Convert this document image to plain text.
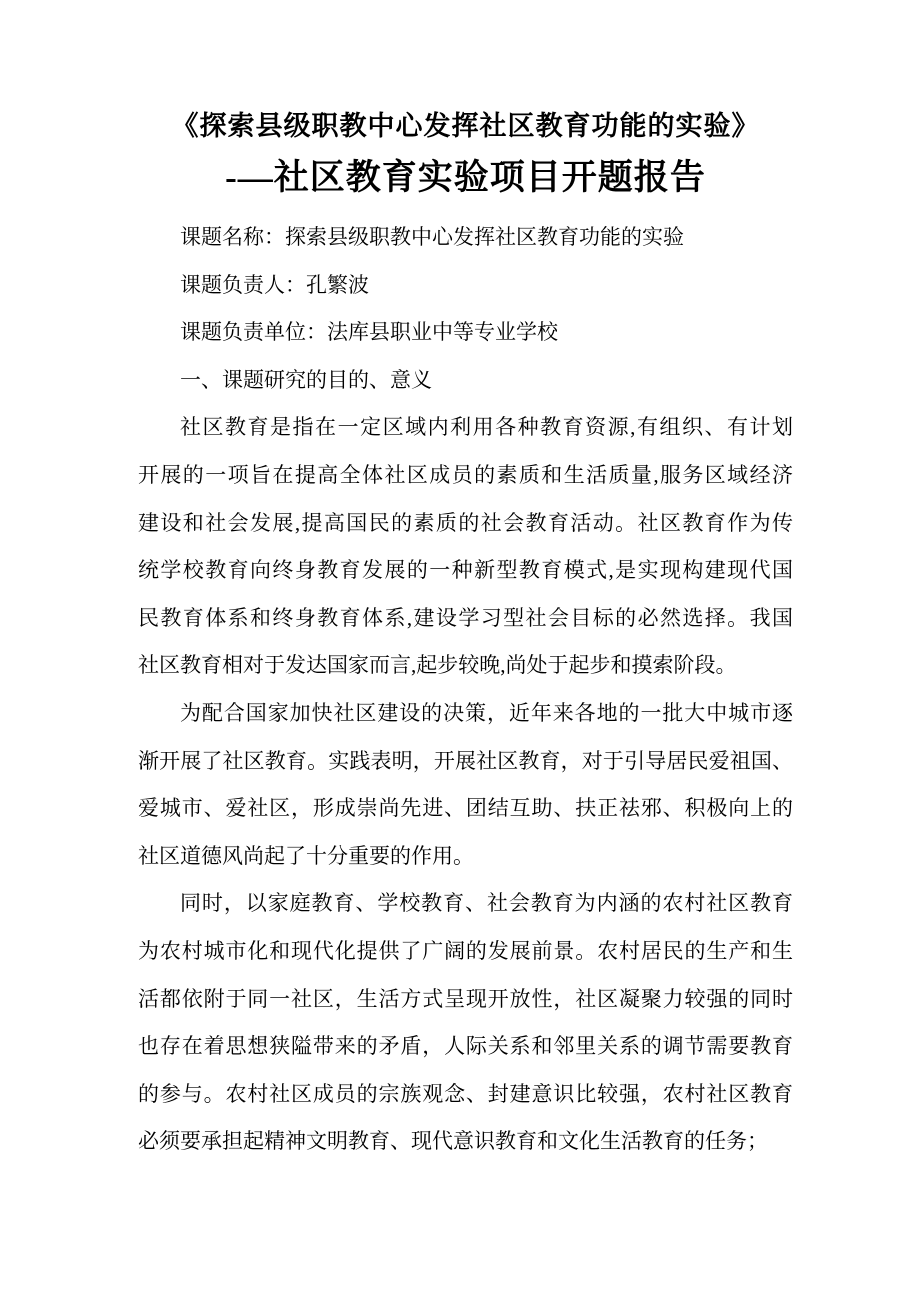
《探索县级职教中心发挥社区教育功能的实验》
-—社区教育实验项目开题报告
课题名称：探索县级职教中心发挥社区教育功能的实验
课题负责人：孔繁波
课题负责单位：法库县职业中等专业学校
一、课题研究的目的、意义
社区教育是指在一定区域内利用各种教育资源,有组织、有计划
开展的一项旨在提高全体社区成员的素质和生活质量,服务区域经济
建设和社会发展,提高国民的素质的社会教育活动。社区教育作为传
统学校教育向终身教育发展的一种新型教育模式,是实现构建现代国
民教育体系和终身教育体系,建设学习型社会目标的必然选择。我国
社区教育相对于发达国家而言,起步较晚,尚处于起步和摸索阶段。
为配合国家加快社区建设的决策，近年来各地的一批大中城市逐
渐开展了社区教育。实践表明，开展社区教育，对于引导居民爱祖国、
爱城市、爱社区，形成崇尚先进、团结互助、扶正祛邪、积极向上的
社区道德风尚起了十分重要的作用。
同时，以家庭教育、学校教育、社会教育为内涵的农村社区教育
为农村城市化和现代化提供了广阔的发展前景。农村居民的生产和生
活都依附于同一社区，生活方式呈现开放性，社区凝聚力较强的同时
也存在着思想狭隘带来的矛盾，人际关系和邻里关系的调节需要教育
的参与。农村社区成员的宗族观念、封建意识比较强，农村社区教育
必须要承担起精神文明教育、现代意识教育和文化生活教育的任务；
